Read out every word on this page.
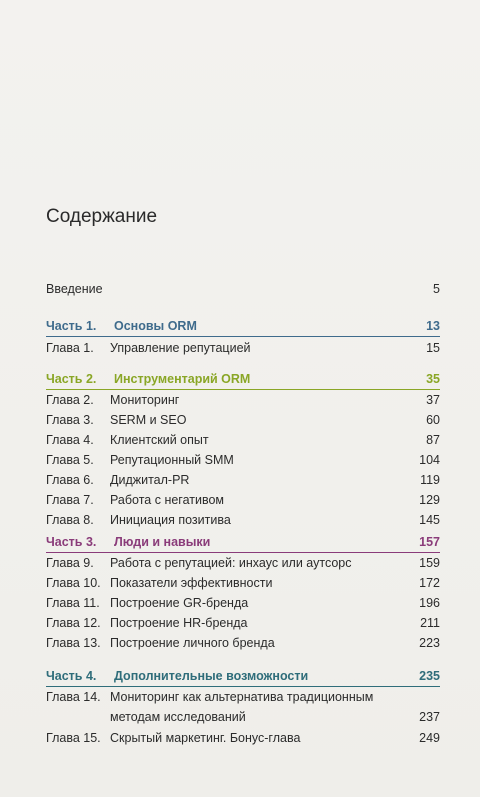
Содержание
Введение	5
Часть 1.	Основы ORM	13
Глава 1.	Управление репутацией	15
Часть 2.	Инструментарий ORM	35
Глава 2.	Мониторинг	37
Глава 3.	SERM и SEO	60
Глава 4.	Клиентский опыт	87
Глава 5.	Репутационный SMM	104
Глава 6.	Диджитал-PR	119
Глава 7.	Работа с негативом	129
Глава 8.	Инициация позитива	145
Часть 3.	Люди и навыки	157
Глава 9.	Работа с репутацией: инхаус или аутсорс	159
Глава 10. Показатели эффективности	172
Глава 11. Построение GR-бренда	196
Глава 12. Построение HR-бренда	211
Глава 13. Построение личного бренда	223
Часть 4.	Дополнительные возможности	235
Глава 14. Мониторинг как альтернатива традиционным методам исследований	237
Глава 15. Скрытый маркетинг. Бонус-глава	249
